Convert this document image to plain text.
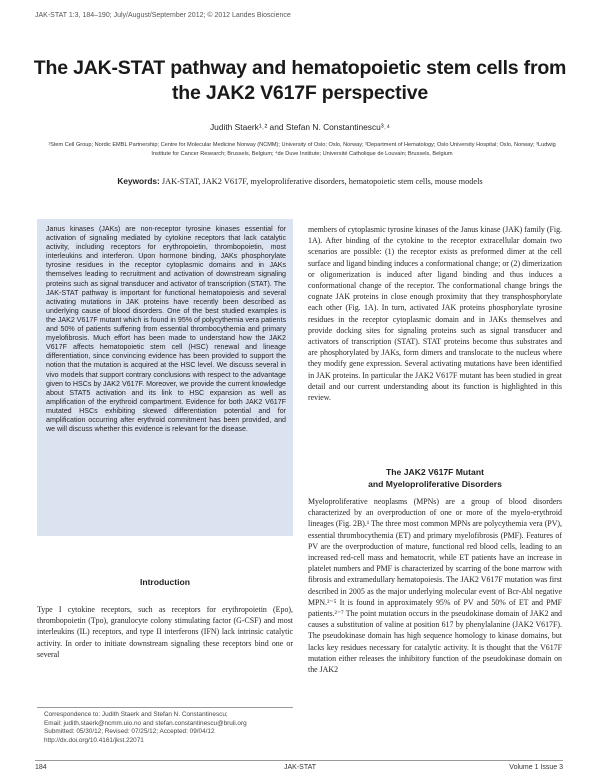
JAK-STAT 1:3, 184–190; July/August/September 2012; © 2012 Landes Bioscience
The JAK-STAT pathway and hematopoietic stem cells from the JAK2 V617F perspective
Judith Staerk¹˒² and Stefan N. Constantinescu³˒⁴
¹Stem Cell Group; Nordic EMBL Partnership; Centre for Molecular Medicine Norway (NCMM); University of Oslo; Oslo, Norway; ²Department of Hematology; Oslo University Hospital; Oslo, Norway; ³Ludwig Institute for Cancer Research; Brussels, Belgium; ⁴de Duve Institute; Université Catholique de Louvain; Brussels, Belgium
Keywords: JAK-STAT, JAK2 V617F, myeloproliferative disorders, hematopoietic stem cells, mouse models
Janus kinases (JAKs) are non-receptor tyrosine kinases essential for activation of signaling mediated by cytokine receptors that lack catalytic activity, including receptors for erythropoietin, thrombopoietin, most interleukins and interferon. Upon hormone binding, JAKs phosphorylate tyrosine residues in the receptor cytoplasmic domains and in JAKs themselves leading to recruitment and activation of downstream signaling proteins such as signal transducer and activator of transcription (STAT). The JAK-STAT pathway is important for functional hematopoiesis and several activating mutations in JAK proteins have recently been described as underlying cause of blood disorders. One of the best studied examples is the JAK2 V617F mutant which is found in 95% of polycythemia vera patients and 50% of patients suffering from essential thrombocythemia and primary myelofibrosis. Much effort has been made to understand how the JAK2 V617F affects hematopoietic stem cell (HSC) renewal and lineage differentiation, since convincing evidence has been provided to support the notion that the mutation is acquired at the HSC level. We discuss several in vivo models that support contrary conclusions with respect to the advantage given to HSCs by JAK2 V617F. Moreover, we provide the current knowledge about STAT5 activation and its link to HSC expansion as well as amplification of the erythroid compartment. Evidence for both JAK2 V617F mutated HSCs exhibiting skewed differentiation potential and for amplification occurring after erythroid commitment has been provided, and we will discuss whether this evidence is relevant for the disease.
Introduction
Type I cytokine receptors, such as receptors for erythropoietin (Epo), thrombopoietin (Tpo), granulocyte colony stimulating factor (G-CSF) and most interleukins (IL) receptors, and type II interferons (IFN) lack intrinsic catalytic activity. In order to initiate downstream signaling these receptors bind one or several

Correspondence to: Judith Staerk and Stefan N. Constantinescu;

Email: judith.staerk@ncmm.uio.no and stefan.constantinescu@bruli.org

Submitted: 05/30/12; Revised: 07/25/12; Accepted: 09/04/12

http://dx.doi.org/10.4161/jkst.22071

members of cytoplasmic tyrosine kinases of the Janus kinase (JAK) family (Fig. 1A). After binding of the cytokine to the receptor extracellular domain two scenarios are possible: (1) the receptor exists as preformed dimer at the cell surface and ligand binding induces a conformational change; or (2) dimerization or oligomerization is induced after ligand binding and thus induces a conformational change of the receptor. The conformational change brings the cognate JAK proteins in close enough proximity that they transphosphorylate each other (Fig. 1A). In turn, activated JAK proteins phosphorylate tyrosine residues in the receptor cytoplasmic domain and in JAKs themselves and provide docking sites for signaling proteins such as signal transducer and activators of transcription (STAT). STAT proteins become thus substrates and are phosphorylated by JAKs, form dimers and translocate to the nucleus where they modify gene expression. Several activating mutations have been identified in JAK proteins. In particular the JAK2 V617F mutant has been studied in great detail and our current understanding about its function is highlighted in this review.
The JAK2 V617F Mutant
and Myeloproliferative Disorders
Myeloproliferative neoplasms (MPNs) are a group of blood disorders characterized by an overproduction of one or more of the myelo-erythroid lineages (Fig. 2B).¹ The three most common MPNs are polycythemia vera (PV), essential thrombocythemia (ET) and primary myelofibrosis (PMF). Features of PV are the overproduction of mature, functional red blood cells, leading to an increased red-cell mass and hematocrit, while ET patients have an increase in platelet numbers and PMF is characterized by scarring of the bone marrow with fibrosis and extramedullary hematopoiesis. The JAK2 V617F mutation was first described in 2005 as the major underlying molecular event of Bcr-Abl negative MPN.²⁻⁵ It is found in approximately 95% of PV and 50% of ET and PMF patients.²⁻⁷ The point mutation occurs in the pseudokinase domain of JAK2 and causes a substitution of valine at position 617 by phenylalanine (JAK2 V617F). The pseudokinase domain has high sequence homology to kinase domains, but lacks key residues necessary for catalytic activity. It is thought that the V617F mutation either releases the inhibitory function of the pseudokinase domain on the JAK2
184	JAK-STAT	Volume 1 Issue 3
